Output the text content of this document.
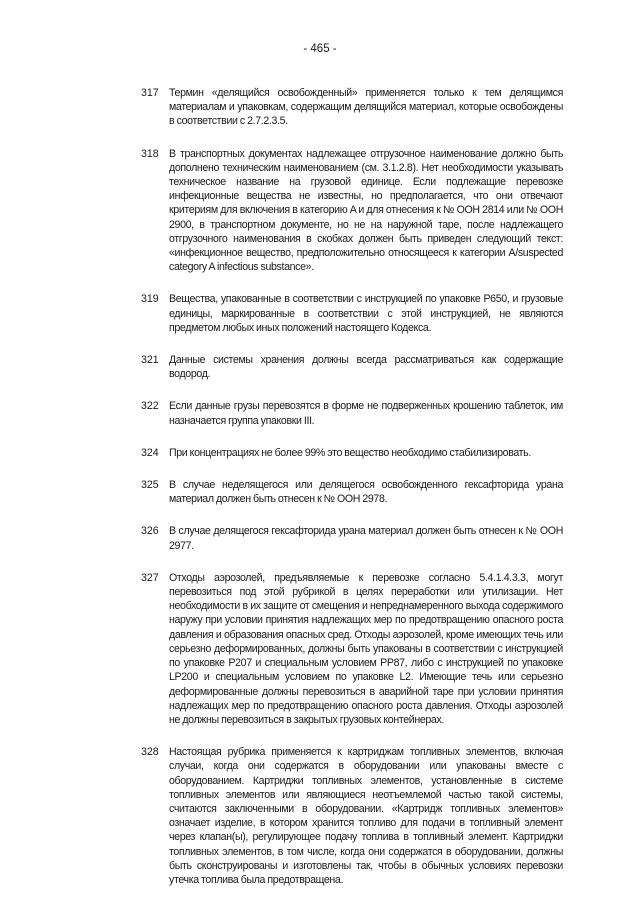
- 465 -
317 Термин «делящийся освобожденный» применяется только к тем делящимся материалам и упаковкам, содержащим делящийся материал, которые освобождены в соответствии с 2.7.2.3.5.
318 В транспортных документах надлежащее отгрузочное наименование должно быть дополнено техническим наименованием (см. 3.1.2.8). Нет необходимости указывать техническое название на грузовой единице. Если подлежащие перевозке инфекционные вещества не известны, но предполагается, что они отвечают критериям для включения в категорию A и для отнесения к № ООН 2814 или № ООН 2900, в транспортном документе, но не на наружной таре, после надлежащего отгрузочного наименования в скобках должен быть приведен следующий текст: «инфекционное вещество, предположительно относящееся к категории A/suspected category A infectious substance».
319 Вещества, упакованные в соответствии с инструкцией по упаковке P650, и грузовые единицы, маркированные в соответствии с этой инструкцией, не являются предметом любых иных положений настоящего Кодекса.
321 Данные системы хранения должны всегда рассматриваться как содержащие водород.
322 Если данные грузы перевозятся в форме не подверженных крошению таблеток, им назначается группа упаковки III.
324 При концентрациях не более 99% это вещество необходимо стабилизировать.
325 В случае неделящегося или делящегося освобожденного гексафторида урана материал должен быть отнесен к № ООН 2978.
326 В случае делящегося гексафторида урана материал должен быть отнесен к № ООН 2977.
327 Отходы аэрозолей, предъявляемые к перевозке согласно 5.4.1.4.3.3, могут перевозиться под этой рубрикой в целях переработки или утилизации. Нет необходимости в их защите от смещения и непреднамеренного выхода содержимого наружу при условии принятия надлежащих мер по предотвращению опасного роста давления и образования опасных сред. Отходы аэрозолей, кроме имеющих течь или серьезно деформированных, должны быть упакованы в соответствии с инструкцией по упаковке P207 и специальным условием PP87, либо с инструкцией по упаковке LP200 и специальным условием по упаковке L2. Имеющие течь или серьезно деформированные должны перевозиться в аварийной таре при условии принятия надлежащих мер по предотвращению опасного роста давления. Отходы аэрозолей не должны перевозиться в закрытых грузовых контейнерах.
328 Настоящая рубрика применяется к картриджам топливных элементов, включая случаи, когда они содержатся в оборудовании или упакованы вместе с оборудованием. Картриджи топливных элементов, установленные в системе топливных элементов или являющиеся неотъемлемой частью такой системы, считаются заключенными в оборудовании. «Картридж топливных элементов» означает изделие, в котором хранится топливо для подачи в топливный элемент через клапан(ы), регулирующее подачу топлива в топливный элемент. Картриджи топливных элементов, в том числе, когда они содержатся в оборудовании, должны быть сконструированы и изготовлены так, чтобы в обычных условиях перевозки утечка топлива была предотвращена.
